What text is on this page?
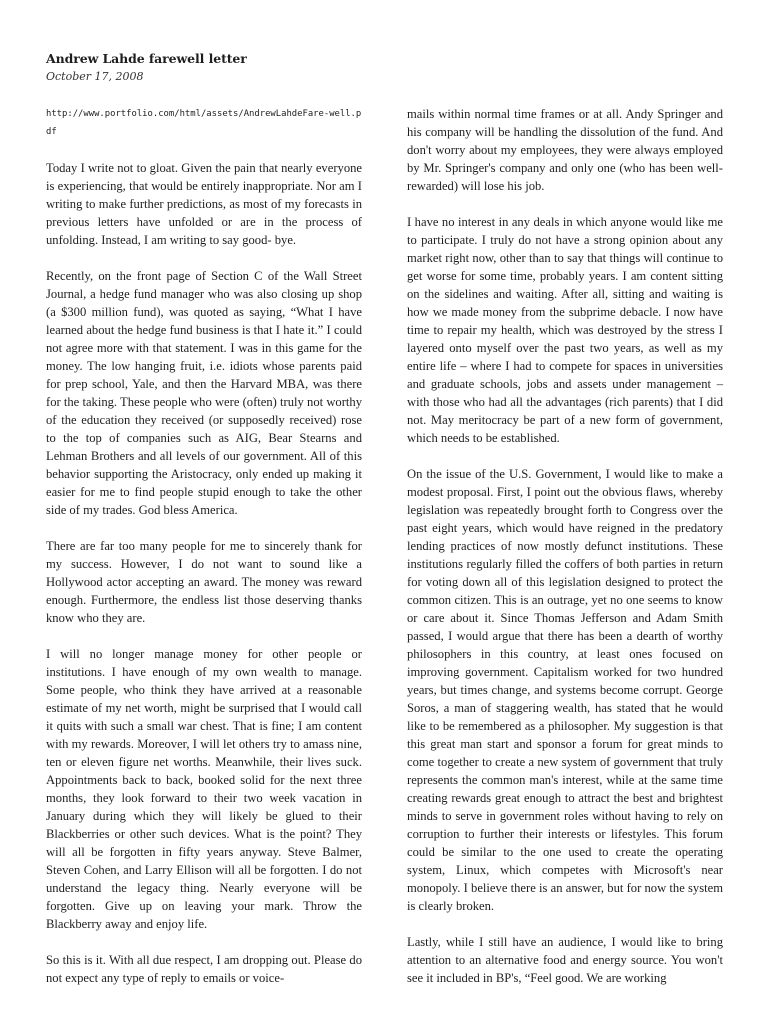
Andrew Lahde farewell letter
October 17, 2008
http://www.portfolio.com/html/assets/AndrewLahdeFare-well.pdf

Today I write not to gloat. Given the pain that nearly everyone is experiencing, that would be entirely inappropriate. Nor am I writing to make further predictions, as most of my forecasts in previous letters have unfolded or are in the process of unfolding. Instead, I am writing to say good- bye.

Recently, on the front page of Section C of the Wall Street Journal, a hedge fund manager who was also closing up shop (a $300 million fund), was quoted as saying, “What I have learned about the hedge fund business is that I hate it.” I could not agree more with that statement. I was in this game for the money. The low hanging fruit, i.e. idiots whose parents paid for prep school, Yale, and then the Harvard MBA, was there for the taking. These people who were (often) truly not worthy of the education they received (or supposedly received) rose to the top of companies such as AIG, Bear Stearns and Lehman Brothers and all levels of our government. All of this behavior supporting the Aristocracy, only ended up making it easier for me to find people stupid enough to take the other side of my trades. God bless America.

There are far too many people for me to sincerely thank for my success. However, I do not want to sound like a Hollywood actor accepting an award. The money was reward enough. Furthermore, the endless list those deserving thanks know who they are.

I will no longer manage money for other people or institutions. I have enough of my own wealth to manage. Some people, who think they have arrived at a reasonable estimate of my net worth, might be surprised that I would call it quits with such a small war chest. That is fine; I am content with my rewards. Moreover, I will let others try to amass nine, ten or eleven figure net worths. Meanwhile, their lives suck. Appointments back to back, booked solid for the next three months, they look forward to their two week vacation in January during which they will likely be glued to their Blackberries or other such devices. What is the point? They will all be forgotten in fifty years anyway. Steve Balmer, Steven Cohen, and Larry Ellison will all be forgotten. I do not understand the legacy thing. Nearly everyone will be forgotten. Give up on leaving your mark. Throw the Blackberry away and enjoy life.

So this is it. With all due respect, I am dropping out. Please do not expect any type of reply to emails or voice-

mails within normal time frames or at all. Andy Springer and his company will be handling the dissolution of the fund. And don't worry about my employees, they were always employed by Mr. Springer's company and only one (who has been well-rewarded) will lose his job.

I have no interest in any deals in which anyone would like me to participate. I truly do not have a strong opinion about any market right now, other than to say that things will continue to get worse for some time, probably years. I am content sitting on the sidelines and waiting. After all, sitting and waiting is how we made money from the subprime debacle. I now have time to repair my health, which was destroyed by the stress I layered onto myself over the past two years, as well as my entire life – where I had to compete for spaces in universities and graduate schools, jobs and assets under management – with those who had all the advantages (rich parents) that I did not. May meritocracy be part of a new form of government, which needs to be established.

On the issue of the U.S. Government, I would like to make a modest proposal. First, I point out the obvious flaws, whereby legislation was repeatedly brought forth to Congress over the past eight years, which would have reigned in the predatory lending practices of now mostly defunct institutions. These institutions regularly filled the coffers of both parties in return for voting down all of this legislation designed to protect the common citizen. This is an outrage, yet no one seems to know or care about it. Since Thomas Jefferson and Adam Smith passed, I would argue that there has been a dearth of worthy philosophers in this country, at least ones focused on improving government. Capitalism worked for two hundred years, but times change, and systems become corrupt. George Soros, a man of staggering wealth, has stated that he would like to be remembered as a philosopher. My suggestion is that this great man start and sponsor a forum for great minds to come together to create a new system of government that truly represents the common man's interest, while at the same time creating rewards great enough to attract the best and brightest minds to serve in government roles without having to rely on corruption to further their interests or lifestyles. This forum could be similar to the one used to create the operating system, Linux, which competes with Microsoft's near monopoly. I believe there is an answer, but for now the system is clearly broken.

Lastly, while I still have an audience, I would like to bring attention to an alternative food and energy source. You won't see it included in BP's, “Feel good. We are working
